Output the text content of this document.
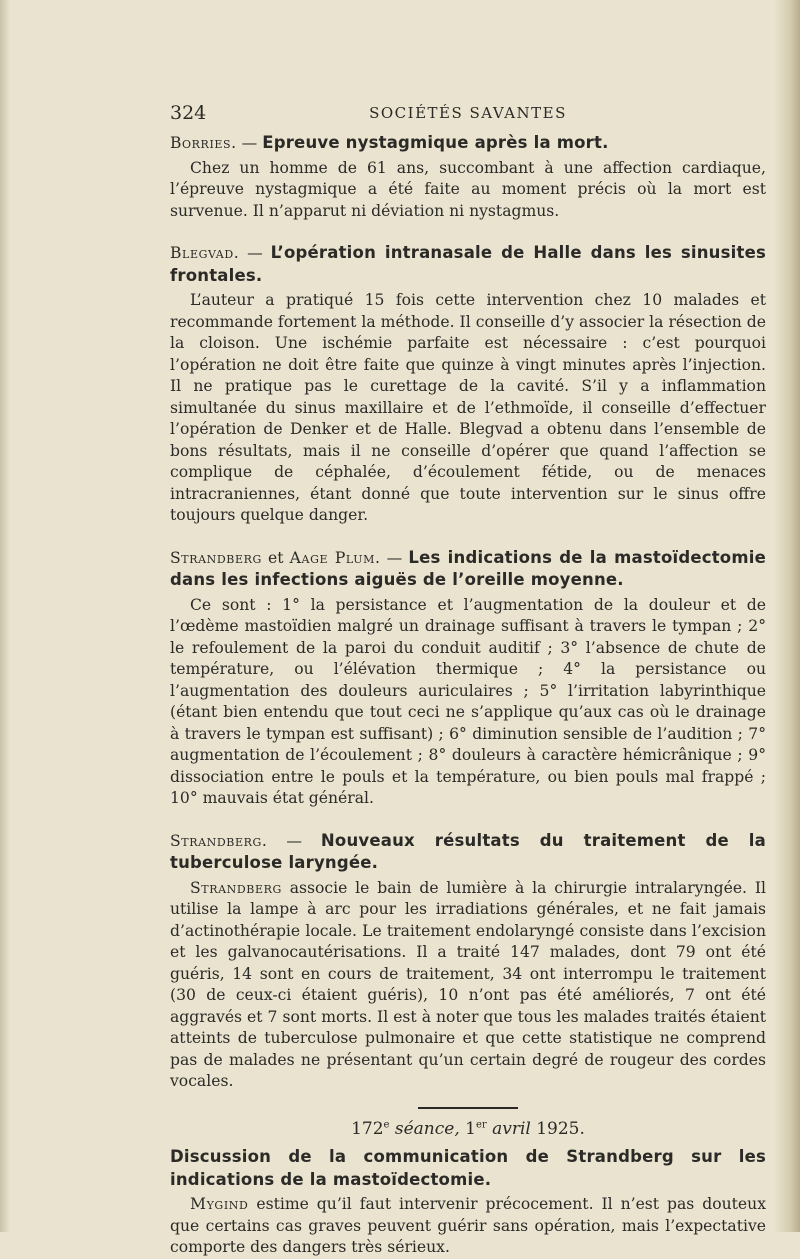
324	SOCIÉTÉS SAVANTES

Borries. — Epreuve nystagmique après la mort.

Chez un homme de 61 ans, succombant à une affection cardiaque, l’épreuve nystagmique a été faite au moment précis où la mort est survenue. Il n’apparut ni déviation ni nystagmus.

Blegvad. — L’opération intranasale de Halle dans les sinusites frontales.

L’auteur a pratiqué 15 fois cette intervention chez 10 malades et recommande fortement la méthode. Il conseille d’y associer la résection de la cloison. Une ischémie parfaite est nécessaire : c’est pourquoi l’opération ne doit être faite que quinze à vingt minutes après l’injection. Il ne pratique pas le curettage de la cavité. S’il y a inflammation simultanée du sinus maxillaire et de l’ethmoïde, il conseille d’effectuer l’opération de Denker et de Halle. Blegvad a obtenu dans l’ensemble de bons résultats, mais il ne conseille d’opérer que quand l’affection se complique de céphalée, d’écoulement fétide, ou de menaces intracraniennes, étant donné que toute intervention sur le sinus offre toujours quelque danger.

Strandberg et Aage Plum. — Les indications de la mastoïdectomie dans les infections aiguës de l’oreille moyenne.

Ce sont : 1° la persistance et l’augmentation de la douleur et de l’œdème mastoïdien malgré un drainage suffisant à travers le tympan ; 2° le refoulement de la paroi du conduit auditif ; 3° l’absence de chute de température, ou l’élévation thermique ; 4° la persistance ou l’augmentation des douleurs auriculaires ; 5° l’irritation labyrinthique (étant bien entendu que tout ceci ne s’applique qu’aux cas où le drainage à travers le tympan est suffisant) ; 6° diminution sensible de l’audition ; 7° augmentation de l’écoulement ; 8° douleurs à caractère hémicrânique ; 9° dissociation entre le pouls et la température, ou bien pouls mal frappé ; 10° mauvais état général.

Strandberg. — Nouveaux résultats du traitement de la tuberculose laryngée.

Strandberg associe le bain de lumière à la chirurgie intralaryngée. Il utilise la lampe à arc pour les irradiations générales, et ne fait jamais d’actinothérapie locale. Le traitement endolaryngé consiste dans l’excision et les galvanocautérisations. Il a traité 147 malades, dont 79 ont été guéris, 14 sont en cours de traitement, 34 ont interrompu le traitement (30 de ceux-ci étaient guéris), 10 n’ont pas été améliorés, 7 ont été aggravés et 7 sont morts. Il est à noter que tous les malades traités étaient atteints de tuberculose pulmonaire et que cette statistique ne comprend pas de malades ne présentant qu’un certain degré de rougeur des cordes vocales.

172e séance, 1er avril 1925.

Discussion de la communication de Strandberg sur les indications de la mastoïdectomie.

Mygind estime qu’il faut intervenir précocement. Il n’est pas douteux que certains cas graves peuvent guérir sans opération, mais l’expectative comporte des dangers très sérieux.
